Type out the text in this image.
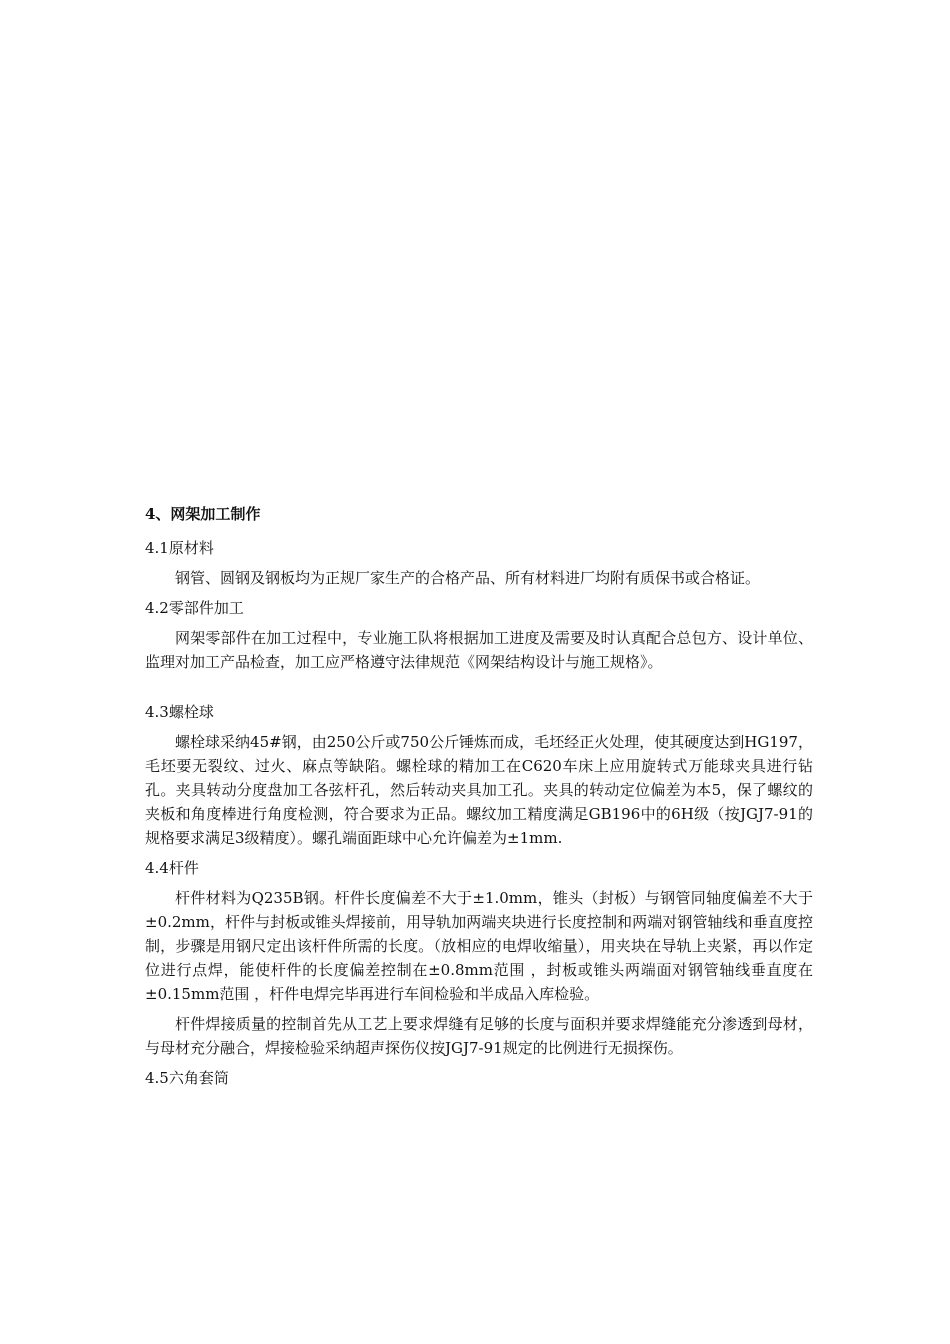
4、网架加工制作
4.1原材料
钢管、圆钢及钢板均为正规厂家生产的合格产品、所有材料进厂均附有质保书或合格证。
4.2零部件加工
网架零部件在加工过程中，专业施工队将根据加工进度及需要及时认真配合总包方、设计单位、监理对加工产品检查，加工应严格遵守法律规范《网架结构设计与施工规格》。
4.3螺栓球
螺栓球采纳45#钢，由250公斤或750公斤锤炼而成，毛坯经正火处理，使其硬度达到HG197，毛坯要无裂纹、过火、麻点等缺陷。螺栓球的精加工在C620车床上应用旋转式万能球夹具进行钻孔。夹具转动分度盘加工各弦杆孔，然后转动夹具加工孔。夹具的转动定位偏差为本5，保了螺纹的夹板和角度棒进行角度检测，符合要求为正品。螺纹加工精度满足GB196中的6H级（按JGJ7-91的规格要求满足3级精度）。螺孔端面距球中心允许偏差为±1mm.
4.4杆件
杆件材料为Q235B钢。杆件长度偏差不大于±1.0mm，锥头（封板）与钢管同轴度偏差不大于±0.2mm，杆件与封板或锥头焊接前，用导轨加两端夹块进行长度控制和两端对钢管轴线和垂直度控制，步骤是用钢尺定出该杆件所需的长度。（放相应的电焊收缩量），用夹块在导轨上夹紧，再以作定位进行点焊，能使杆件的长度偏差控制在±0.8mm范围 ，封板或锥头两端面对钢管轴线垂直度在±0.15mm范围 ，杆件电焊完毕再进行车间检验和半成品入库检验。
杆件焊接质量的控制首先从工艺上要求焊缝有足够的长度与面积并要求焊缝能充分渗透到母材，与母材充分融合，焊接检验采纳超声探伤仪按JGJ7-91规定的比例进行无损探伤。
4.5六角套筒
